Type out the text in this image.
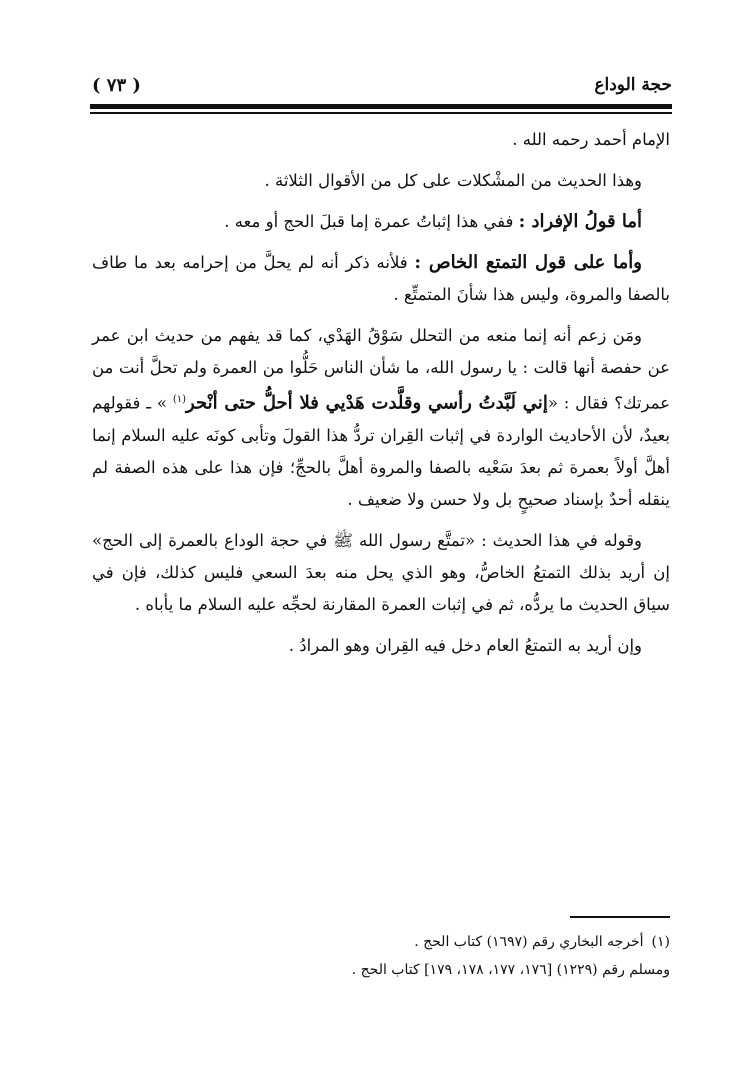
حجة الوداع
( ٧٣ )

الإمام أحمد رحمه الله .

وهذا الحديث من المشْكلات على كل من الأقوال الثلاثة .

أما قولُ الإفراد : ففي هذا إثباتُ عمرة إما قبلَ الحج أو معه .

وأما على قول التمتع الخاص : فلأنه ذكر أنه لم يحلَّ من إحرامه بعد ما طاف بالصفا والمروة، وليس هذا شأنَ المتمتِّع .

ومَن زعم أنه إنما منعه من التحلل سَوْقُ الهَدْي، كما قد يفهم من حديث ابن عمر عن حفصة أنها قالت : يا رسول الله، ما شأن الناس حَلُّوا من العمرة ولم تحلَّ أنت من عمرتك؟ فقال : «إني لَبَّدتُ رأسي وقلَّدت هَدْيي فلا أحلُّ حتى أنْحر$^{(١)}$ » ـ فقولهم بعيدٌ، لأن الأحاديث الواردة في إثبات القِران تردُّ هذا القولَ وتأبى كونَه عليه السلام إنما أهلَّ أولاً بعمرة ثم بعدَ سَعْيه بالصفا والمروة أهلَّ بالحجِّ؛ فإن هذا على هذه الصفة لم ينقله أحدٌ بإسناد صحيحٍ بل ولا حسن ولا ضعيف .

وقوله في هذا الحديث : «تمتَّع رسول الله ﷺ في حجة الوداع بالعمرة إلى الحج» إن أريد بذلك التمتعُ الخاصُّ، وهو الذي يحل منه بعدَ السعي فليس كذلك، فإن في سياق الحديث ما يردُّه، ثم في إثبات العمرة المقارنة لحجِّه عليه السلام ما يأباه .

وإن أريد به التمتعُ العام دخل فيه القِران وهو المرادُ .

(١)أخرجه البخاري رقم (١٦٩٧) كتاب الحج .

ومسلم رقم (١٢٢٩) [١٧٦، ١٧٧، ١٧٨، ١٧٩] كتاب الحج .
